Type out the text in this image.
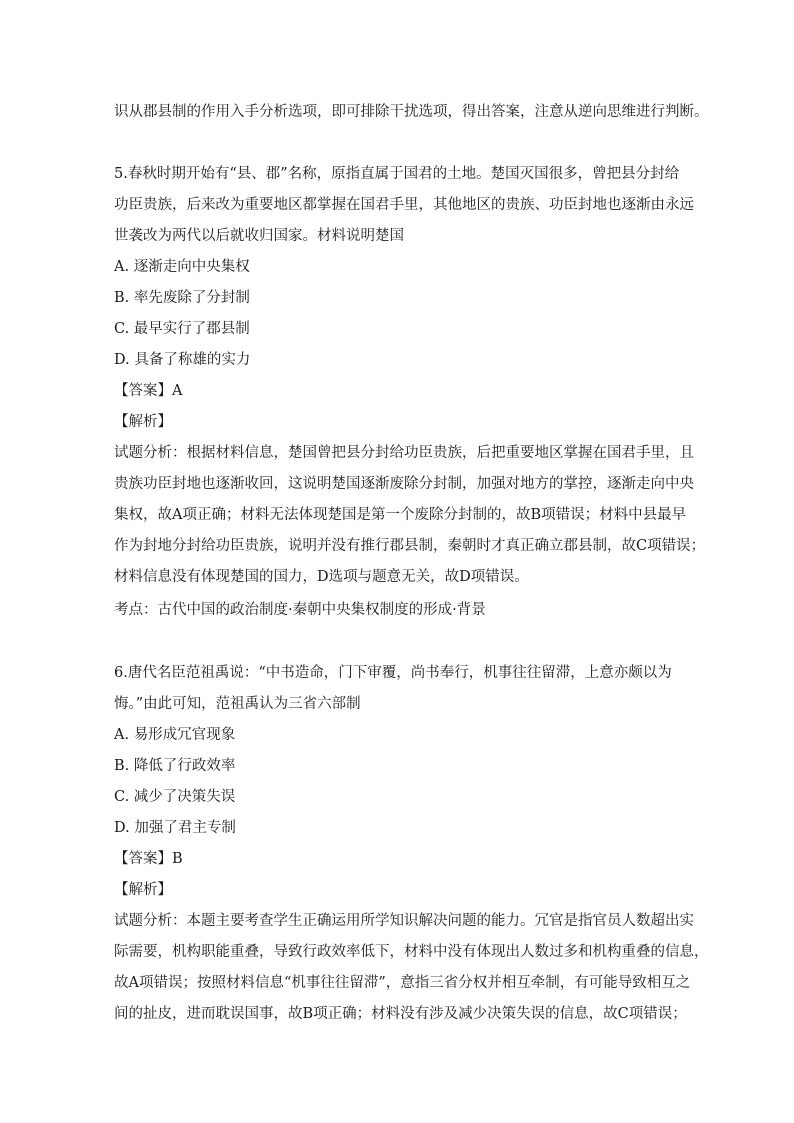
识从郡县制的作用入手分析选项，即可排除干扰选项，得出答案，注意从逆向思维进行判断。
5.春秋时期开始有“县、郡”名称，原指直属于国君的土地。楚国灭国很多，曾把县分封给
功臣贵族，后来改为重要地区都掌握在国君手里，其他地区的贵族、功臣封地也逐渐由永远
世袭改为两代以后就收归国家。材料说明楚国
A. 逐渐走向中央集权
B. 率先废除了分封制
C. 最早实行了郡县制
D. 具备了称雄的实力
【答案】A
【解析】
试题分析：根据材料信息，楚国曾把县分封给功臣贵族，后把重要地区掌握在国君手里，且
贵族功臣封地也逐渐收回，这说明楚国逐渐废除分封制，加强对地方的掌控，逐渐走向中央
集权，故A项正确；材料无法体现楚国是第一个废除分封制的，故B项错误；材料中县最早
作为封地分封给功臣贵族，说明并没有推行郡县制，秦朝时才真正确立郡县制，故C项错误；
材料信息没有体现楚国的国力，D选项与题意无关，故D项错误。
考点：古代中国的政治制度·秦朝中央集权制度的形成·背景
6.唐代名臣范祖禹说：“中书造命，门下审覆，尚书奉行，机事往往留滞，上意亦颇以为
悔。”由此可知，范祖禹认为三省六部制
A. 易形成冗官现象
B. 降低了行政效率
C. 减少了决策失误
D. 加强了君主专制
【答案】B
【解析】
试题分析：本题主要考查学生正确运用所学知识解决问题的能力。冗官是指官员人数超出实
际需要，机构职能重叠，导致行政效率低下，材料中没有体现出人数过多和机构重叠的信息，
故A项错误；按照材料信息“机事往往留滞”，意指三省分权并相互牵制，有可能导致相互之
间的扯皮，进而耽误国事，故B项正确；材料没有涉及减少决策失误的信息，故C项错误；
